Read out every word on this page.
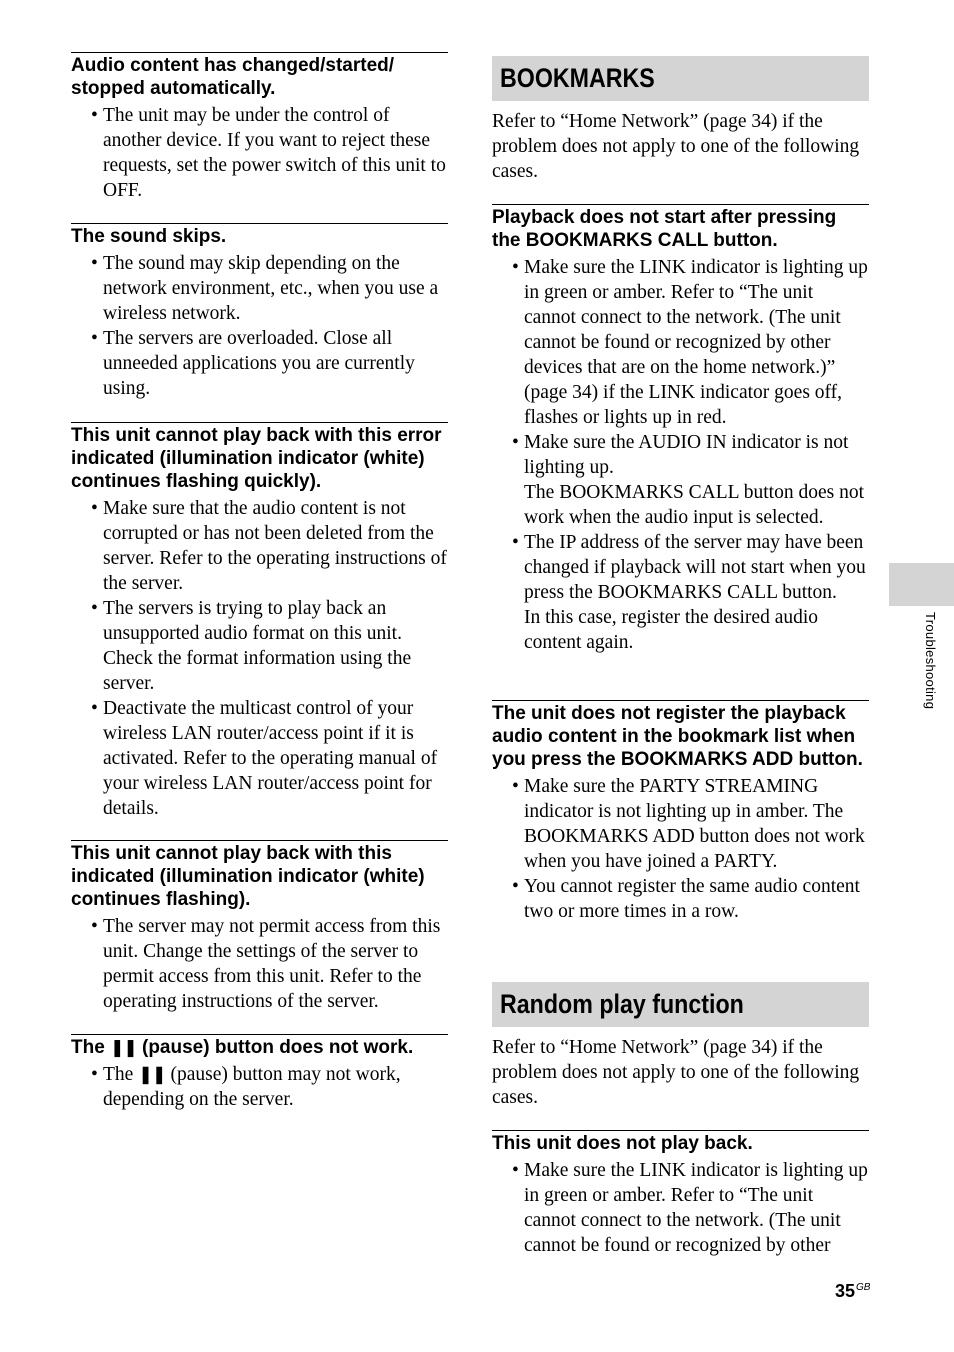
Audio content has changed/started/ stopped automatically.
• The unit may be under the control of another device. If you want to reject these requests, set the power switch of this unit to OFF.
The sound skips.
• The sound may skip depending on the network environment, etc., when you use a wireless network.
• The servers are overloaded. Close all unneeded applications you are currently using.
This unit cannot play back with this error indicated (illumination indicator (white) continues flashing quickly).
• Make sure that the audio content is not corrupted or has not been deleted from the server. Refer to the operating instructions of the server.
• The servers is trying to play back an unsupported audio format on this unit. Check the format information using the server.
• Deactivate the multicast control of your wireless LAN router/access point if it is activated. Refer to the operating manual of your wireless LAN router/access point for details.
This unit cannot play back with this indicated (illumination indicator (white) continues flashing).
• The server may not permit access from this unit. Change the settings of the server to permit access from this unit. Refer to the operating instructions of the server.
The ❚❚ (pause) button does not work.
• The ❚❚ (pause) button may not work, depending on the server.
BOOKMARKS
Refer to “Home Network” (page 34) if the problem does not apply to one of the following cases.
Playback does not start after pressing the BOOKMARKS CALL button.
• Make sure the LINK indicator is lighting up in green or amber. Refer to “The unit cannot connect to the network. (The unit cannot be found or recognized by other devices that are on the home network.)” (page 34) if the LINK indicator goes off, flashes or lights up in red.
• Make sure the AUDIO IN indicator is not lighting up.
The BOOKMARKS CALL button does not work when the audio input is selected.
• The IP address of the server may have been changed if playback will not start when you press the BOOKMARKS CALL button.
In this case, register the desired audio content again.
The unit does not register the playback audio content in the bookmark list when you press the BOOKMARKS ADD button.
• Make sure the PARTY STREAMING indicator is not lighting up in amber. The BOOKMARKS ADD button does not work when you have joined a PARTY.
• You cannot register the same audio content two or more times in a row.
Random play function
Refer to “Home Network” (page 34) if the problem does not apply to one of the following cases.
This unit does not play back.
• Make sure the LINK indicator is lighting up in green or amber. Refer to “The unit cannot connect to the network. (The unit cannot be found or recognized by other
Troubleshooting
$35^{GB}$
